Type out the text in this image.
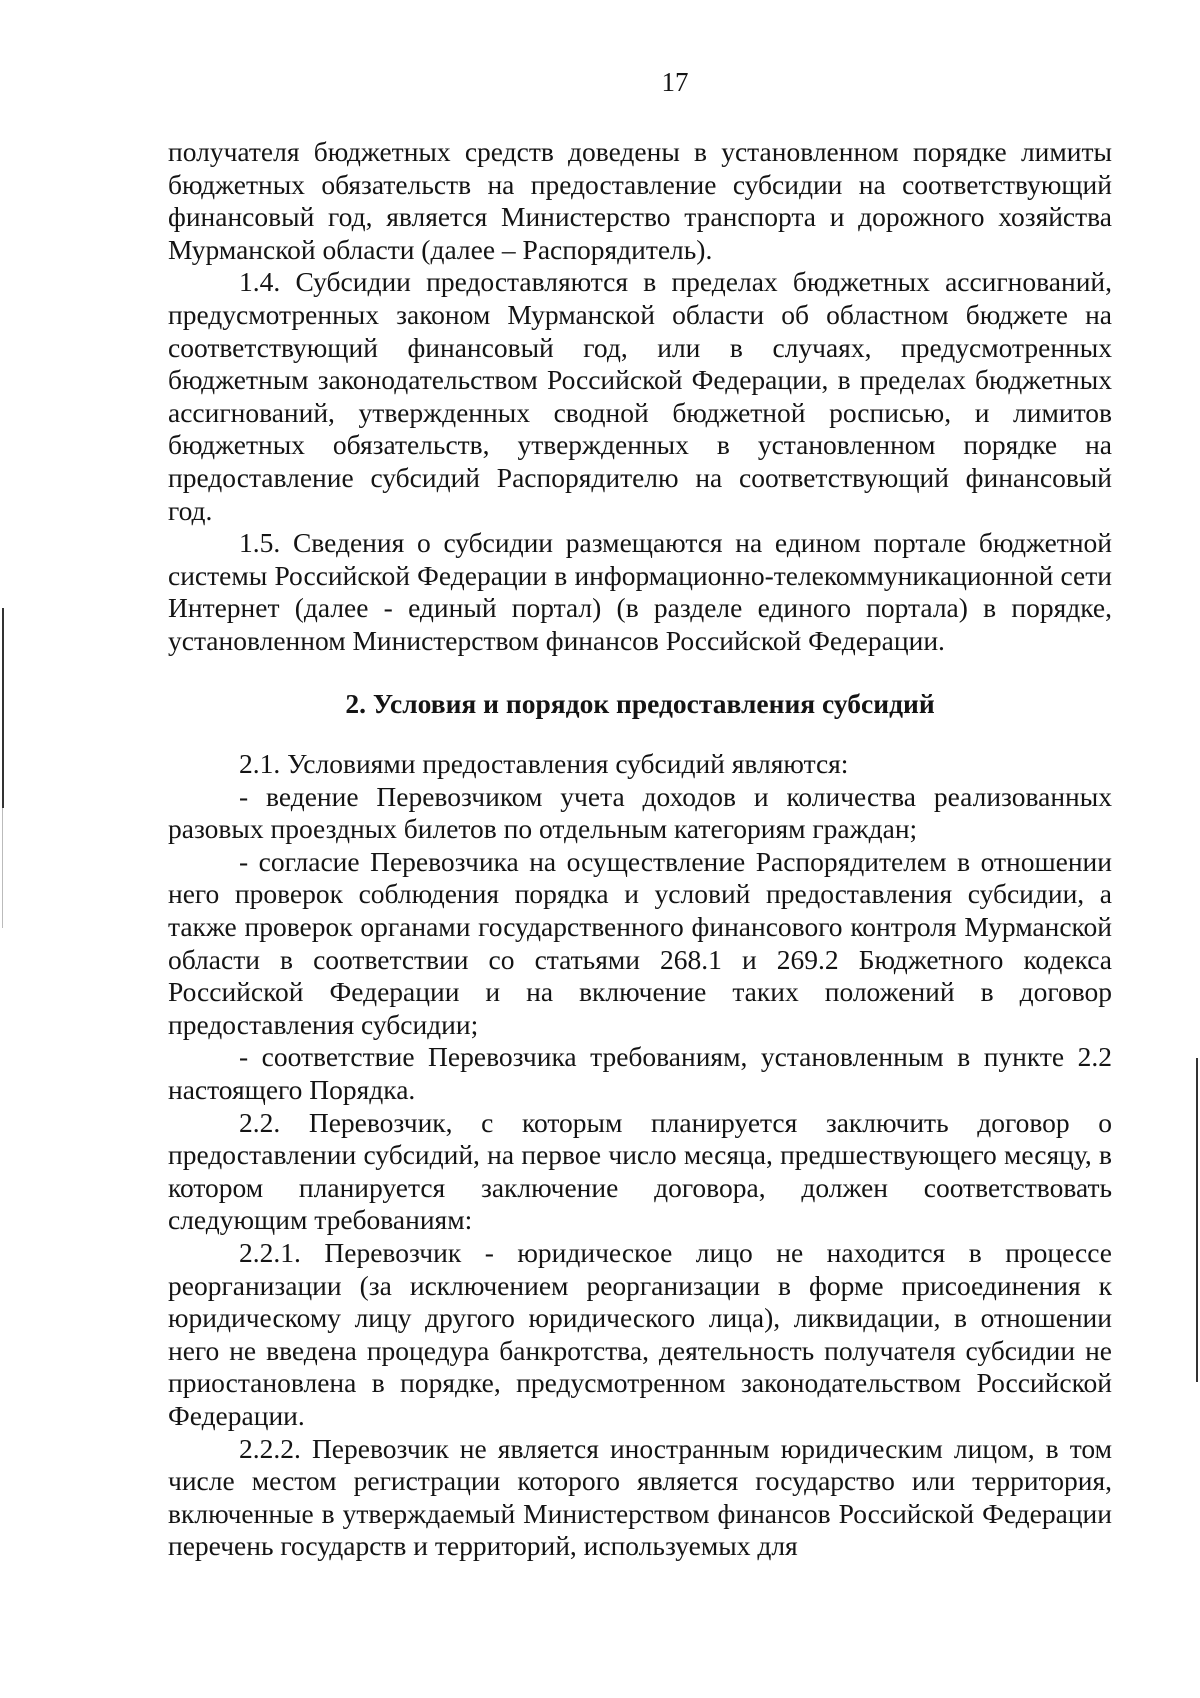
17

получателя бюджетных средств доведены в установленном порядке лимиты бюджетных обязательств на предоставление субсидии на соответствующий финансовый год, является Министерство транспорта и дорожного хозяйства Мурманской области (далее – Распорядитель).

1.4. Субсидии предоставляются в пределах бюджетных ассигнований, предусмотренных законом Мурманской области об областном бюджете на соответствующий финансовый год, или в случаях, предусмотренных бюджетным законодательством Российской Федерации, в пределах бюджетных ассигнований, утвержденных сводной бюджетной росписью, и лимитов бюджетных обязательств, утвержденных в установленном порядке на предоставление субсидий Распорядителю на соответствующий финансовый год.

1.5. Сведения о субсидии размещаются на едином портале бюджетной системы Российской Федерации в информационно-телекоммуникационной сети Интернет (далее - единый портал) (в разделе единого портала) в порядке, установленном Министерством финансов Российской Федерации.

2. Условия и порядок предоставления субсидий

2.1. Условиями предоставления субсидий являются:

- ведение Перевозчиком учета доходов и количества реализованных разовых проездных билетов по отдельным категориям граждан;

- согласие Перевозчика на осуществление Распорядителем в отношении него проверок соблюдения порядка и условий предоставления субсидии, а также проверок органами государственного финансового контроля Мурманской области в соответствии со статьями 268.1 и 269.2 Бюджетного кодекса Российской Федерации и на включение таких положений в договор предоставления субсидии;

- соответствие Перевозчика требованиям, установленным в пункте 2.2 настоящего Порядка.

2.2. Перевозчик, с которым планируется заключить договор о предоставлении субсидий, на первое число месяца, предшествующего месяцу, в котором планируется заключение договора, должен соответствовать следующим требованиям:

2.2.1. Перевозчик - юридическое лицо не находится в процессе реорганизации (за исключением реорганизации в форме присоединения к юридическому лицу другого юридического лица), ликвидации, в отношении него не введена процедура банкротства, деятельность получателя субсидии не приостановлена в порядке, предусмотренном законодательством Российской Федерации.

2.2.2. Перевозчик не является иностранным юридическим лицом, в том числе местом регистрации которого является государство или территория, включенные в утверждаемый Министерством финансов Российской Федерации перечень государств и территорий, используемых для
